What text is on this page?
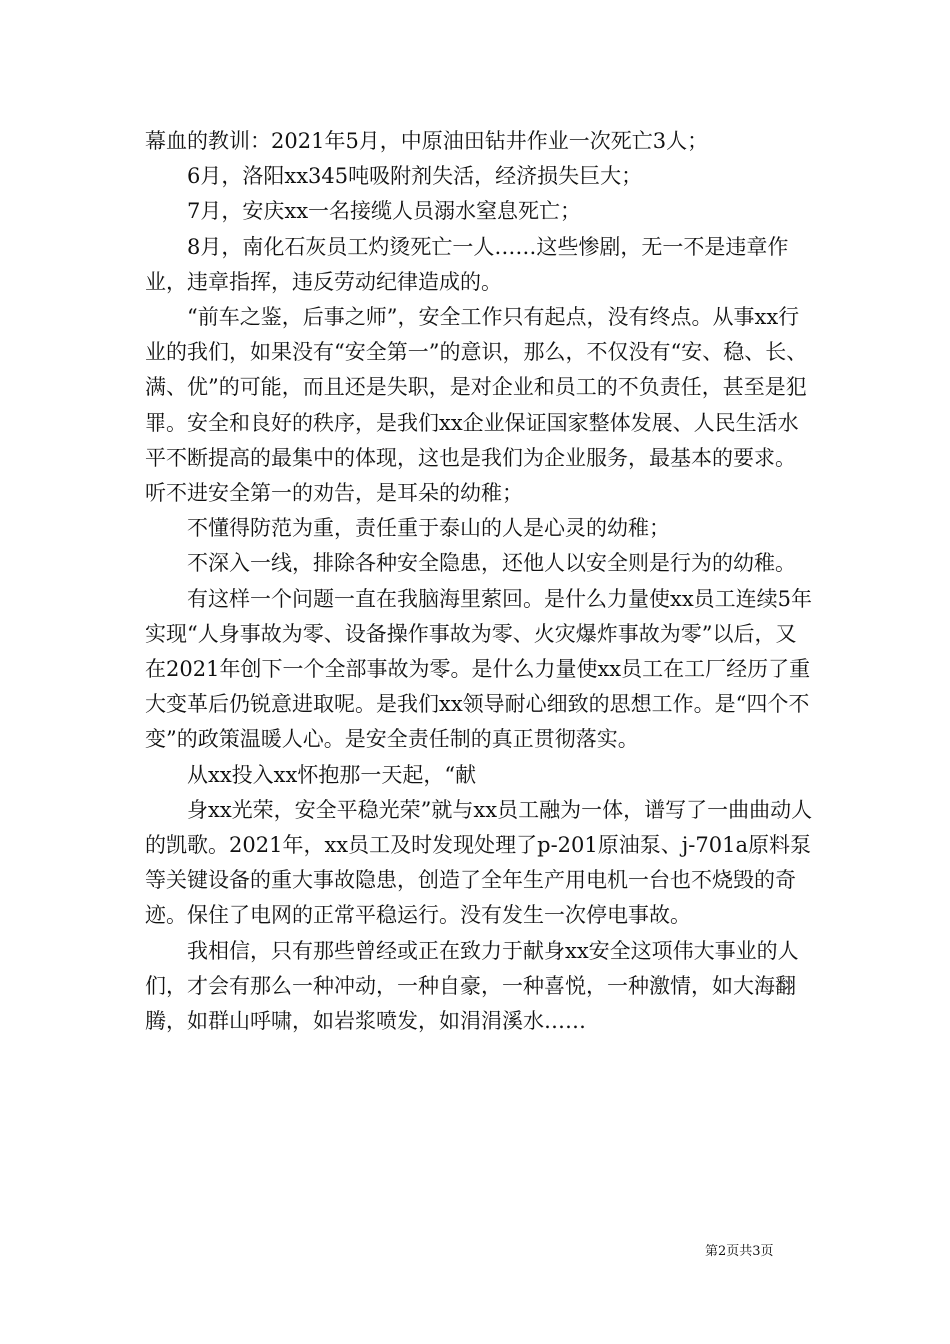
幕血的教训：2021年5月，中原油田钻井作业一次死亡3人；

6月，洛阳xx345吨吸附剂失活，经济损失巨大；

7月，安庆xx一名接缆人员溺水窒息死亡；

8月，南化石灰员工灼烫死亡一人……这些惨剧，无一不是违章作业，违章指挥，违反劳动纪律造成的。

“前车之鉴，后事之师”，安全工作只有起点，没有终点。从事xx行业的我们，如果没有“安全第一”的意识，那么，不仅没有“安、稳、长、满、优”的可能，而且还是失职，是对企业和员工的不负责任，甚至是犯罪。安全和良好的秩序，是我们xx企业保证国家整体发展、人民生活水平不断提高的最集中的体现，这也是我们为企业服务，最基本的要求。听不进安全第一的劝告，是耳朵的幼稚；

不懂得防范为重，责任重于泰山的人是心灵的幼稚；

不深入一线，排除各种安全隐患，还他人以安全则是行为的幼稚。

有这样一个问题一直在我脑海里萦回。是什么力量使xx员工连续5年实现“人身事故为零、设备操作事故为零、火灾爆炸事故为零”以后，又在2021年创下一个全部事故为零。是什么力量使xx员工在工厂经历了重大变革后仍锐意进取呢。是我们xx领导耐心细致的思想工作。是“四个不变”的政策温暖人心。是安全责任制的真正贯彻落实。

从xx投入xx怀抱那一天起，“献

身xx光荣，安全平稳光荣”就与xx员工融为一体，谱写了一曲曲动人的凯歌。2021年，xx员工及时发现处理了p-201原油泵、j-701a原料泵等关键设备的重大事故隐患，创造了全年生产用电机一台也不烧毁的奇迹。保住了电网的正常平稳运行。没有发生一次停电事故。

我相信，只有那些曾经或正在致力于献身xx安全这项伟大事业的人们，才会有那么一种冲动，一种自豪，一种喜悦，一种激情，如大海翻腾，如群山呼啸，如岩浆喷发，如涓涓溪水……

第2页共3页
